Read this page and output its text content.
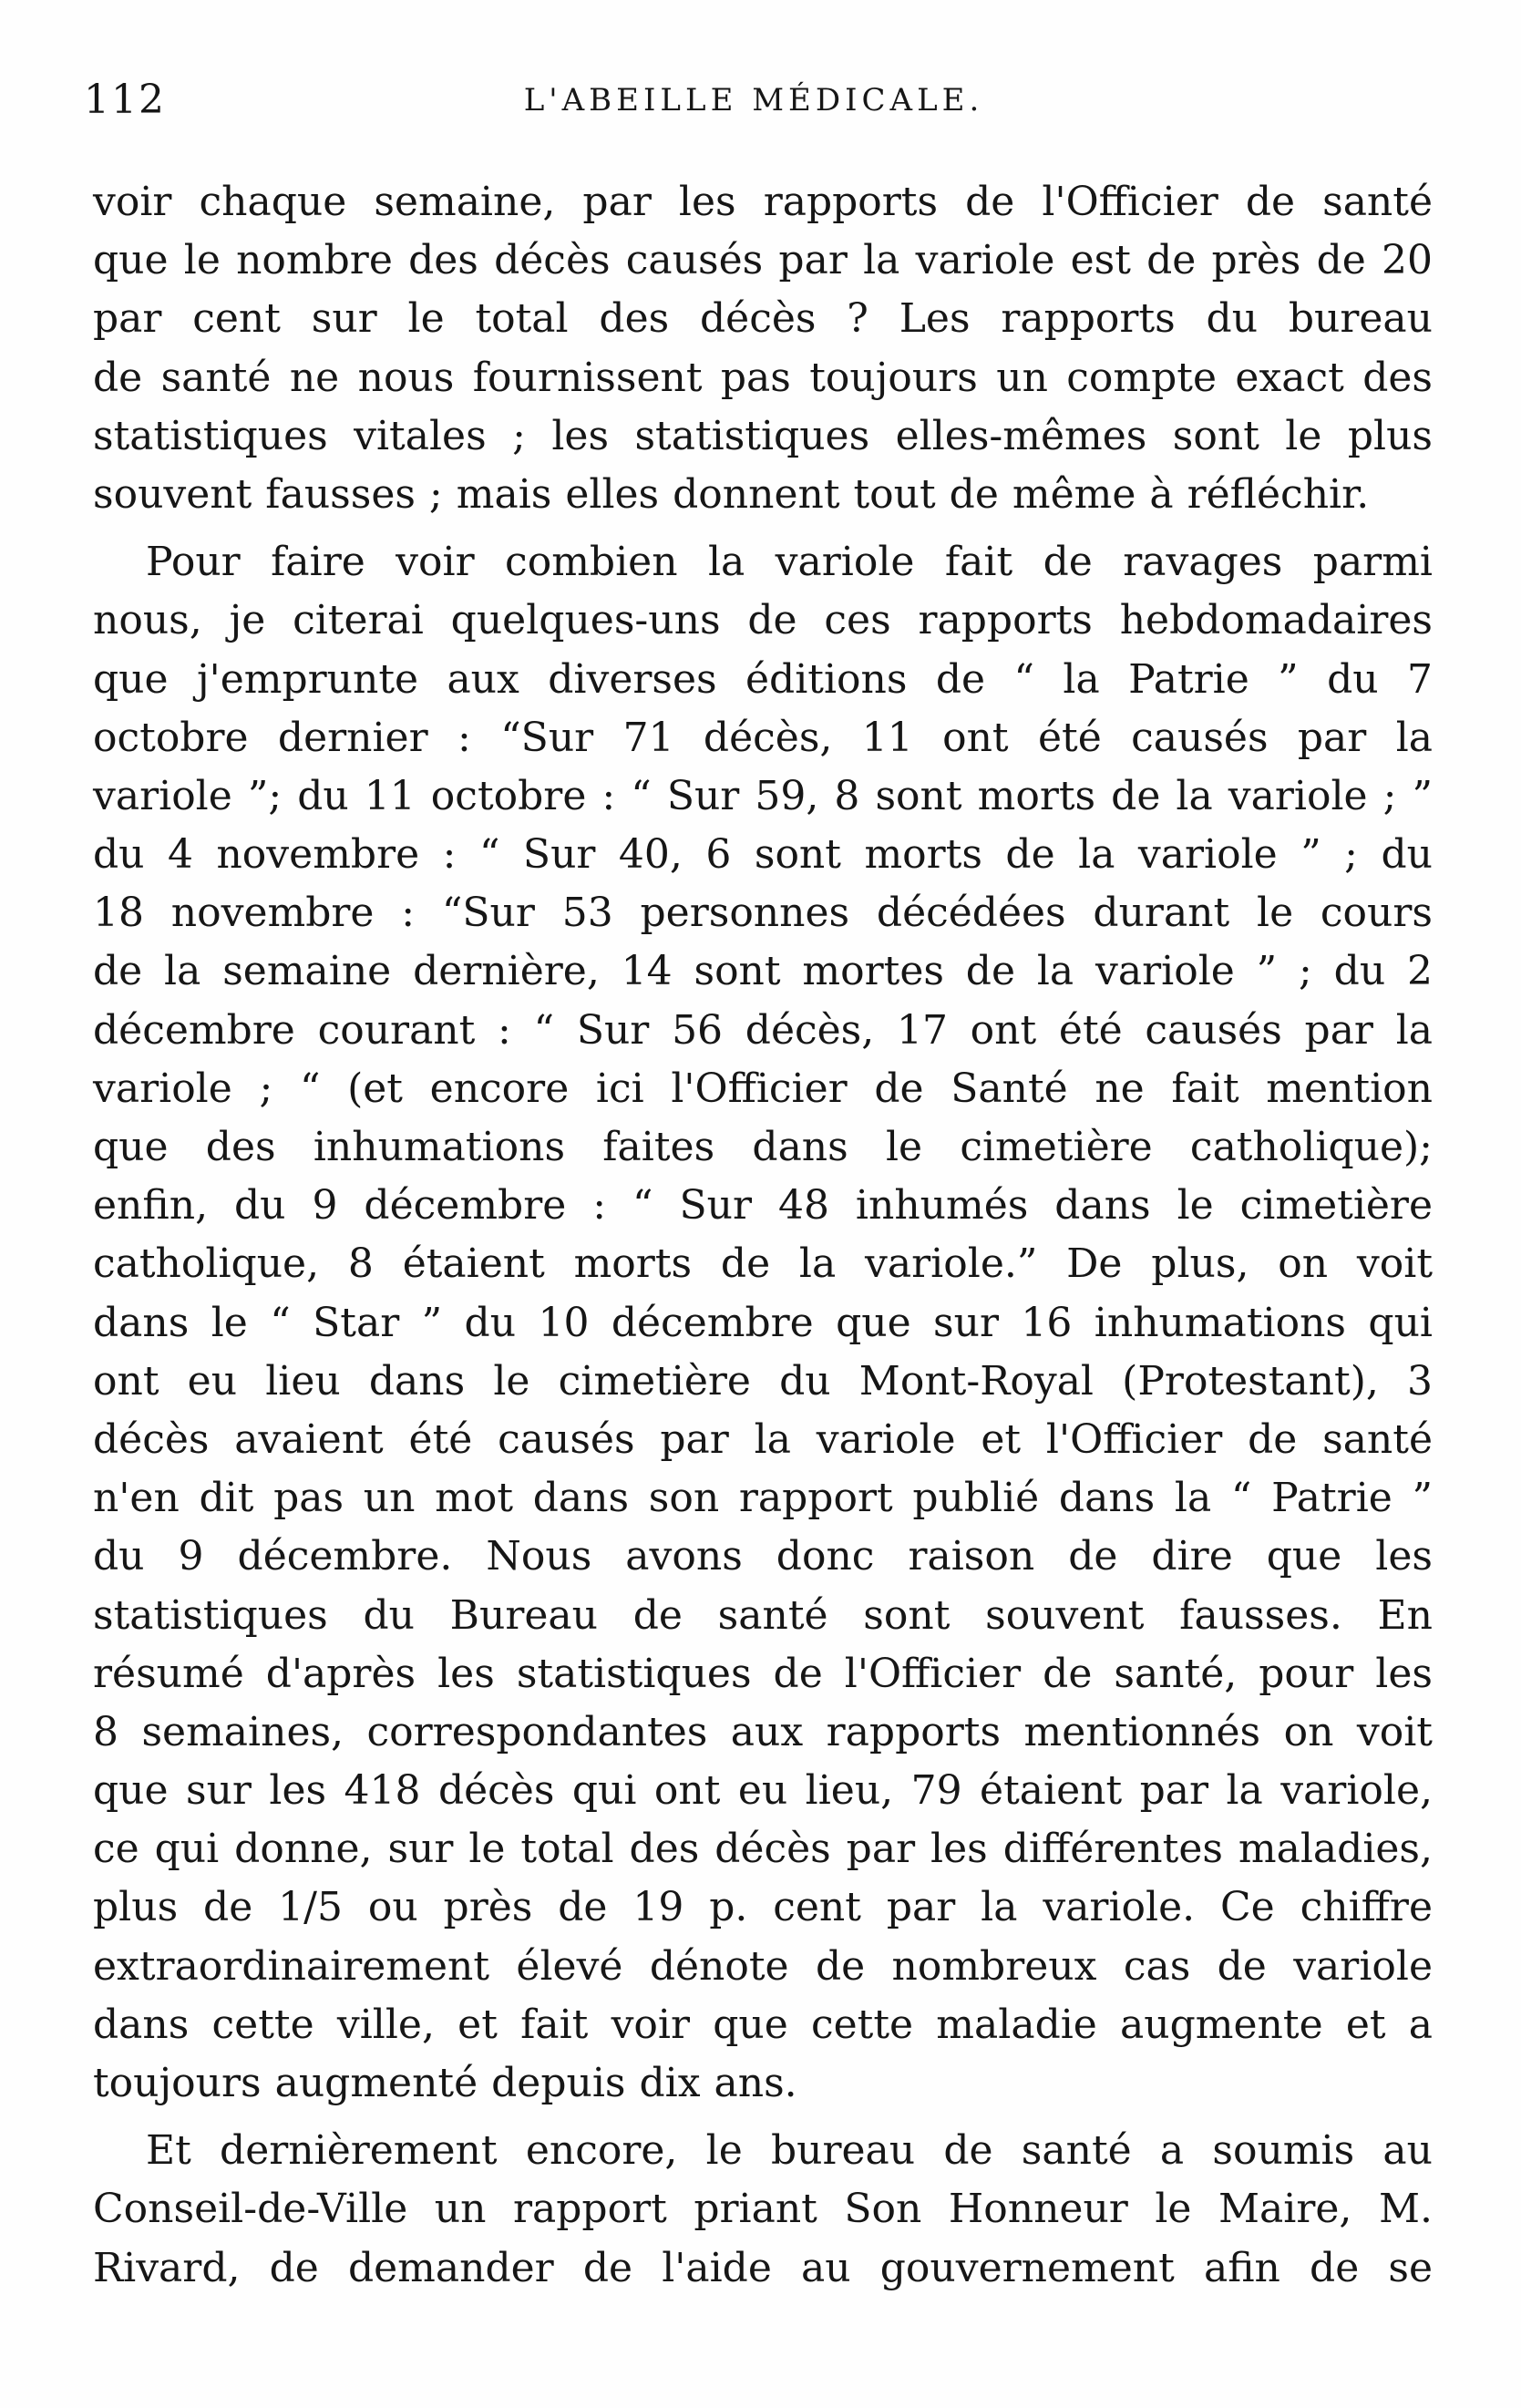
112	L'ABEILLE MÉDICALE.
voir chaque semaine, par les rapports de l'Officier de santé
que le nombre des décès causés par la variole est de près de 20
par cent sur le total des décès ? Les rapports du bureau
de santé ne nous fournissent pas toujours un compte exact des
statistiques vitales ; les statistiques elles-mêmes sont le plus
souvent fausses ; mais elles donnent tout de même à réfléchir.
Pour faire voir combien la variole fait de ravages parmi
nous, je citerai quelques-uns de ces rapports hebdomadaires
que j'emprunte aux diverses éditions de “ la Patrie ” du 7
octobre dernier : “Sur 71 décès, 11 ont été causés par la
variole ”; du 11 octobre : “ Sur 59, 8 sont morts de la variole ; ”
du 4 novembre : “ Sur 40, 6 sont morts de la variole ” ; du
18 novembre : “Sur 53 personnes décédées durant le cours
de la semaine dernière, 14 sont mortes de la variole ” ; du 2
décembre courant : “ Sur 56 décès, 17 ont été causés par la
variole ; “ (et encore ici l'Officier de Santé ne fait mention
que des inhumations faites dans le cimetière catholique);
enfin, du 9 décembre : “ Sur 48 inhumés dans le cimetière
catholique, 8 étaient morts de la variole.” De plus, on voit
dans le “ Star ” du 10 décembre que sur 16 inhumations qui
ont eu lieu dans le cimetière du Mont-Royal (Protestant), 3
décès avaient été causés par la variole et l'Officier de santé
n'en dit pas un mot dans son rapport publié dans la “ Patrie ”
du 9 décembre. Nous avons donc raison de dire que les
statistiques du Bureau de santé sont souvent fausses. En
résumé d'après les statistiques de l'Officier de santé, pour les
8 semaines, correspondantes aux rapports mentionnés on voit
que sur les 418 décès qui ont eu lieu, 79 étaient par la variole,
ce qui donne, sur le total des décès par les différentes maladies,
plus de 1/5 ou près de 19 p. cent par la variole. Ce chiffre
extraordinairement élevé dénote de nombreux cas de variole
dans cette ville, et fait voir que cette maladie augmente et a
toujours augmenté depuis dix ans.
Et dernièrement encore, le bureau de santé a soumis au
Conseil-de-Ville un rapport priant Son Honneur le Maire, M.
Rivard, de demander de l'aide au gouvernement afin de se
